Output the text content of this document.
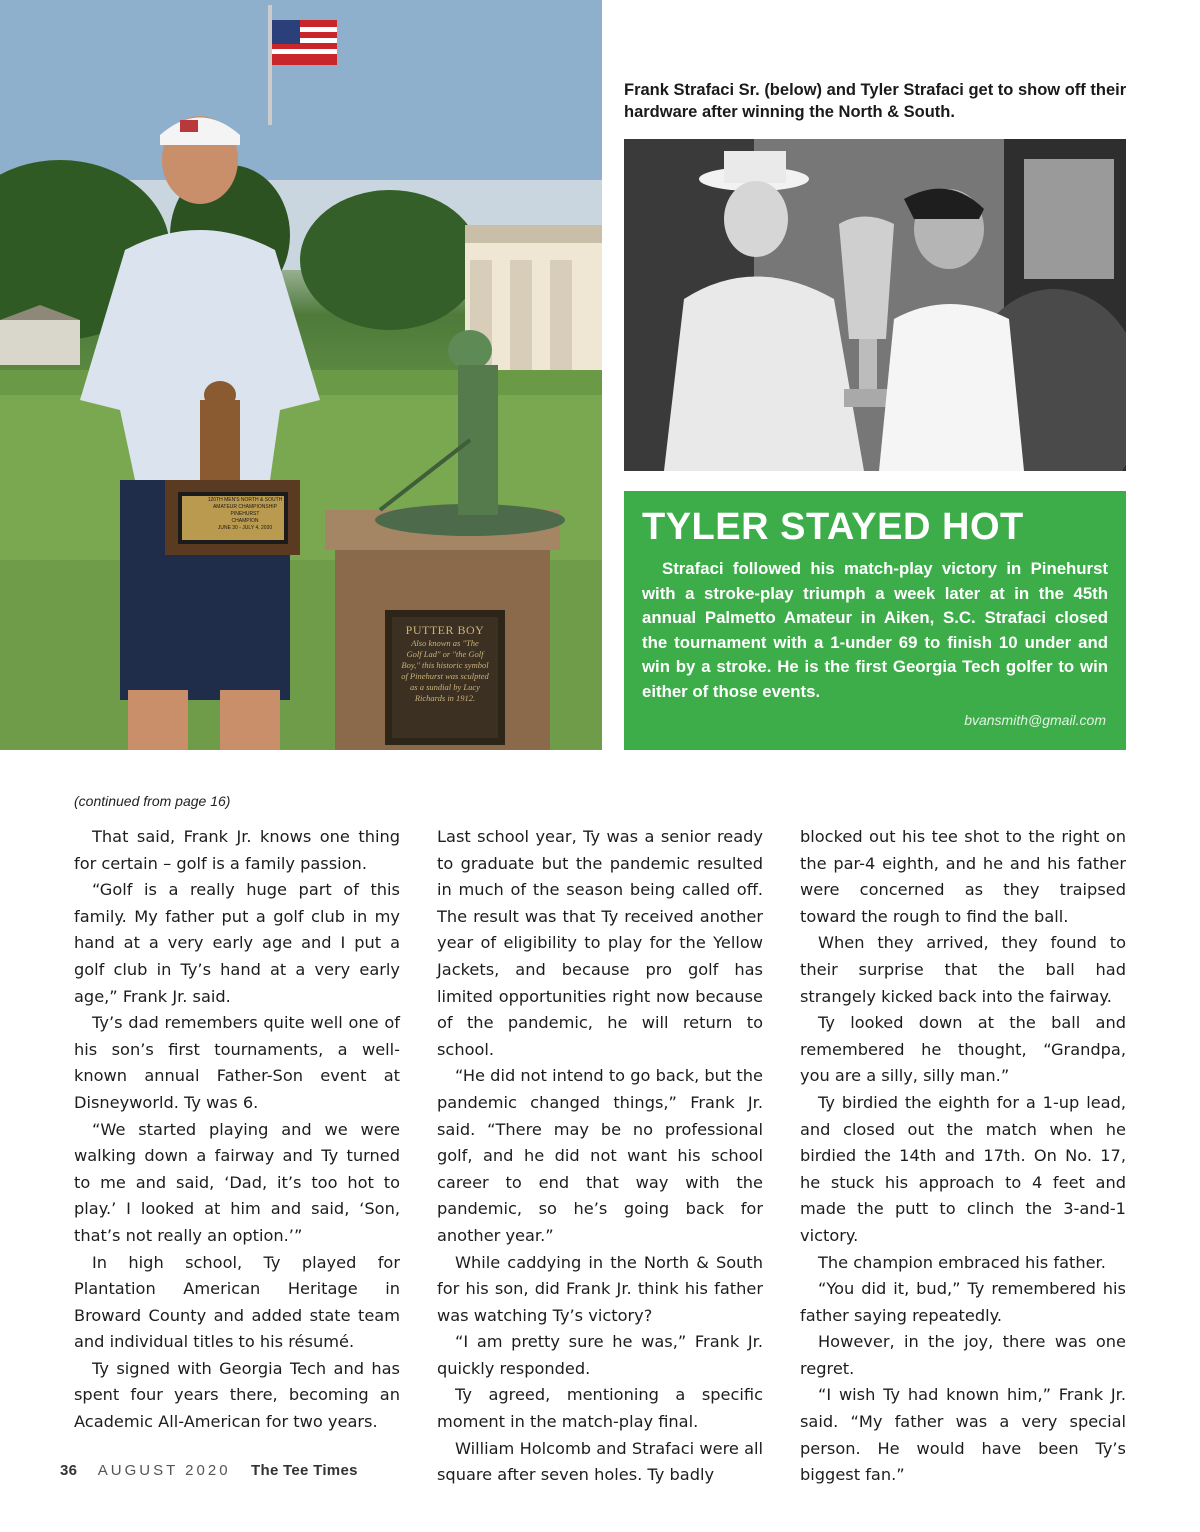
120TH MEN'S NORTH & SOUTH
AMATEUR CHAMPIONSHIP
PINEHURST
CHAMPION
JUNE 30 - JULY 4, 2020
PUTTER BOY
Also known as "The
Golf Lad" or "the Golf
Boy," this historic symbol
of Pinehurst was sculpted
as a sundial by Lucy
Richards in 1912.
Frank Strafaci Sr. (below) and Tyler Strafaci get to show off their hardware after winning the North & South.
TYLER STAYED HOT

Strafaci followed his match-play victory in Pinehurst with a stroke-play triumph a week later at in the 45th annual Palmetto Amateur in Aiken, S.C. Strafaci closed the tournament with a 1-under 69 to finish 10 under and win by a stroke. He is the first Georgia Tech golfer to win either of those events.

bvansmith@gmail.com
(continued from page 16)

That said, Frank Jr. knows one thing for certain – golf is a family passion.

“Golf is a really huge part of this family. My father put a golf club in my hand at a very early age and I put a golf club in Ty’s hand at a very early age,” Frank Jr. said.

Ty’s dad remembers quite well one of his son’s first tournaments, a well-known annual Father-Son event at Disneyworld. Ty was 6.

“We started playing and we were walking down a fairway and Ty turned to me and said, ‘Dad, it’s too hot to play.’ I looked at him and said, ‘Son, that’s not really an option.’”

In high school, Ty played for Plantation American Heritage in Broward County and added state team and individual titles to his résumé.

Ty signed with Georgia Tech and has spent four years there, becoming an Academic All-American for two years.

Last school year, Ty was a senior ready to graduate but the pandemic resulted in much of the season being called off. The result was that Ty received another year of eligibility to play for the Yellow Jackets, and because pro golf has limited opportunities right now because of the pandemic, he will return to school.

“He did not intend to go back, but the pandemic changed things,” Frank Jr. said. “There may be no professional golf, and he did not want his school career to end that way with the pandemic, so he’s going back for another year.”

While caddying in the North & South for his son, did Frank Jr. think his father was watching Ty’s victory?

“I am pretty sure he was,” Frank Jr. quickly responded.

Ty agreed, mentioning a specific moment in the match-play final.

William Holcomb and Strafaci were all square after seven holes. Ty badly

blocked out his tee shot to the right on the par-4 eighth, and he and his father were concerned as they traipsed toward the rough to find the ball.

When they arrived, they found to their surprise that the ball had strangely kicked back into the fairway.

Ty looked down at the ball and remembered he thought, “Grandpa, you are a silly, silly man.”

Ty birdied the eighth for a 1-up lead, and closed out the match when he birdied the 14th and 17th. On No. 17, he stuck his approach to 4 feet and made the putt to clinch the 3-and-1 victory.

The champion embraced his father.

“You did it, bud,” Ty remembered his father saying repeatedly.

However, in the joy, there was one regret.

“I wish Ty had known him,” Frank Jr. said. “My father was a very special person. He would have been Ty’s biggest fan.”

36 AUGUST 2020 The Tee Times
